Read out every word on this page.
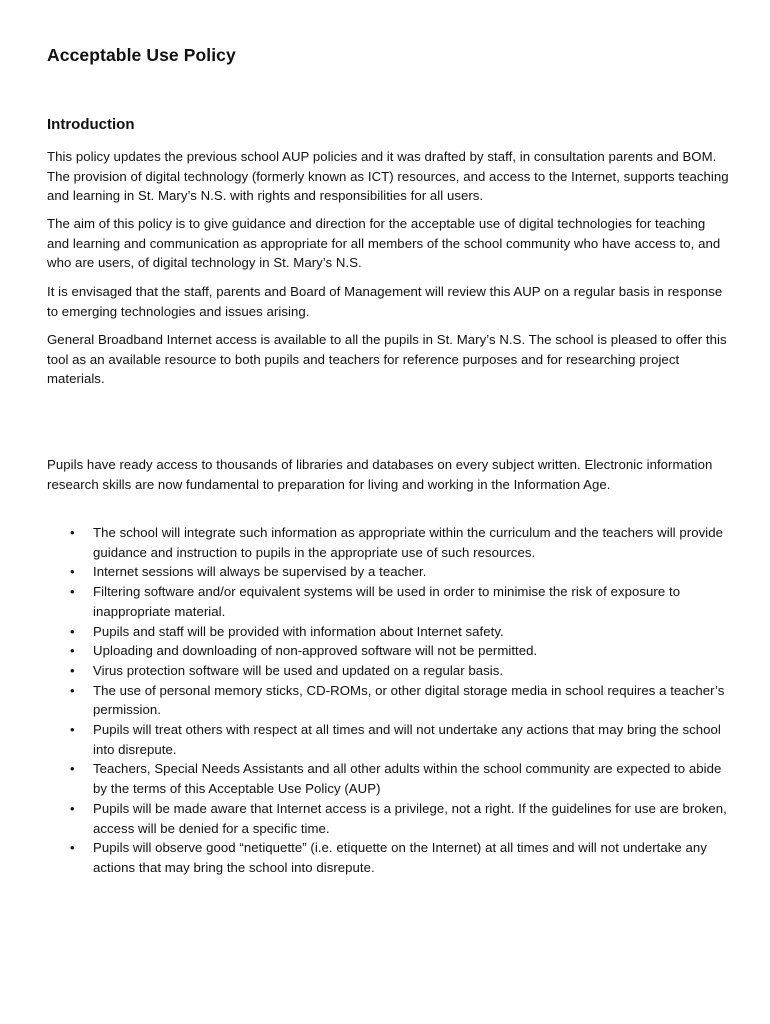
Acceptable Use Policy
Introduction

This policy updates the previous school AUP policies and it was drafted by staff, in consultation parents and BOM. The provision of digital technology (formerly known as ICT) resources, and access to the Internet, supports teaching and learning in St. Mary’s N.S. with rights and responsibilities for all users.

The aim of this policy is to give guidance and direction for the acceptable use of digital technologies for teaching and learning and communication as appropriate for all members of the school community who have access to, and who are users, of digital technology in St. Mary’s N.S.

It is envisaged that the staff, parents and Board of Management will review this AUP on a regular basis in response to emerging technologies and issues arising.

General Broadband Internet access is available to all the pupils in St. Mary’s N.S. The school is pleased to offer this tool as an available resource to both pupils and teachers for reference purposes and for researching project materials.

Pupils have ready access to thousands of libraries and databases on every subject written. Electronic information research skills are now fundamental to preparation for living and working in the Information Age.

• The school will integrate such information as appropriate within the curriculum and the teachers will provide guidance and instruction to pupils in the appropriate use of such resources.
• Internet sessions will always be supervised by a teacher.
• Filtering software and/or equivalent systems will be used in order to minimise the risk of exposure to inappropriate material.
• Pupils and staff will be provided with information about Internet safety.
• Uploading and downloading of non-approved software will not be permitted.
• Virus protection software will be used and updated on a regular basis.
• The use of personal memory sticks, CD-ROMs, or other digital storage media in school requires a teacher’s permission.
• Pupils will treat others with respect at all times and will not undertake any actions that may bring the school into disrepute.
• Teachers, Special Needs Assistants and all other adults within the school community are expected to abide by the terms of this Acceptable Use Policy (AUP)
• Pupils will be made aware that Internet access is a privilege, not a right. If the guidelines for use are broken, access will be denied for a specific time.
• Pupils will observe good “netiquette” (i.e. etiquette on the Internet) at all times and will not undertake any actions that may bring the school into disrepute.
